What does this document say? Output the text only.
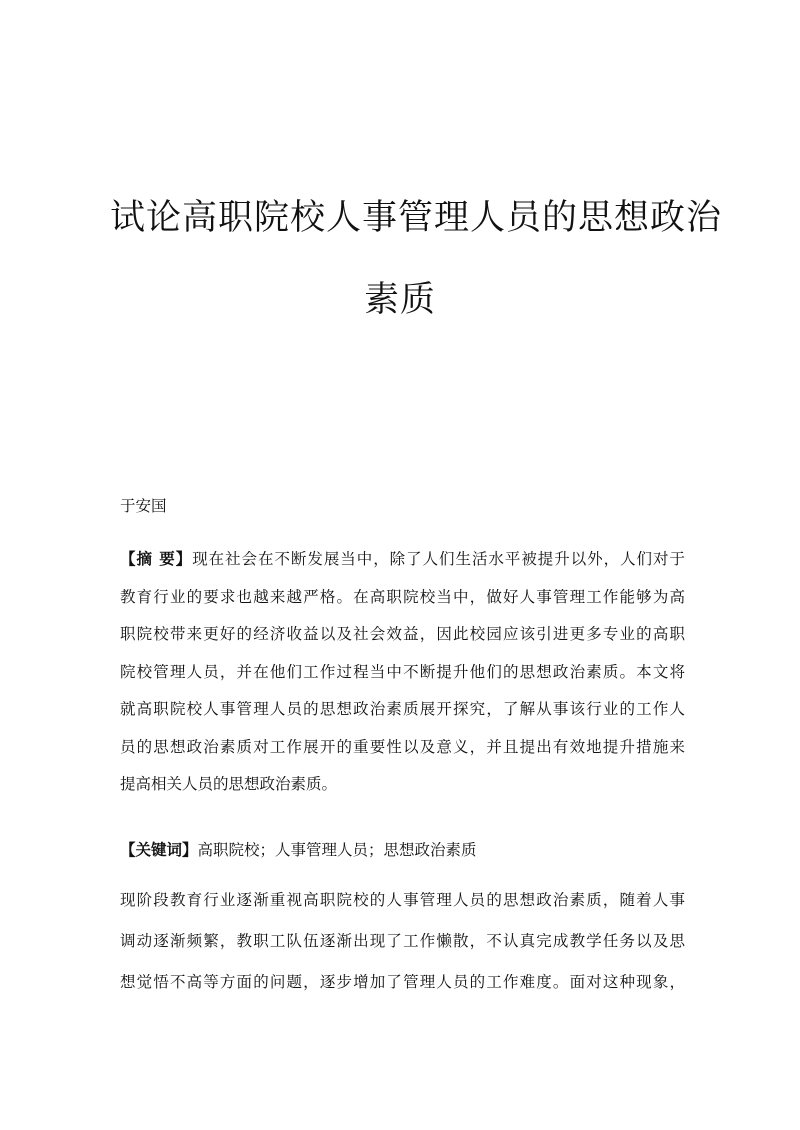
试论高职院校人事管理人员的思想政治
素质

于安国

【摘 要】现在社会在不断发展当中，除了人们生活水平被提升以外，人们对于
教育行业的要求也越来越严格。在高职院校当中，做好人事管理工作能够为高
职院校带来更好的经济收益以及社会效益，因此校园应该引进更多专业的高职
院校管理人员，并在他们工作过程当中不断提升他们的思想政治素质。本文将
就高职院校人事管理人员的思想政治素质展开探究，了解从事该行业的工作人
员的思想政治素质对工作展开的重要性以及意义，并且提出有效地提升措施来
提高相关人员的思想政治素质。

【关键词】高职院校；人事管理人员；思想政治素质

现阶段教育行业逐渐重视高职院校的人事管理人员的思想政治素质，随着人事
调动逐渐频繁，教职工队伍逐渐出现了工作懒散，不认真完成教学任务以及思
想觉悟不高等方面的问题，逐步增加了管理人员的工作难度。面对这种现象，
